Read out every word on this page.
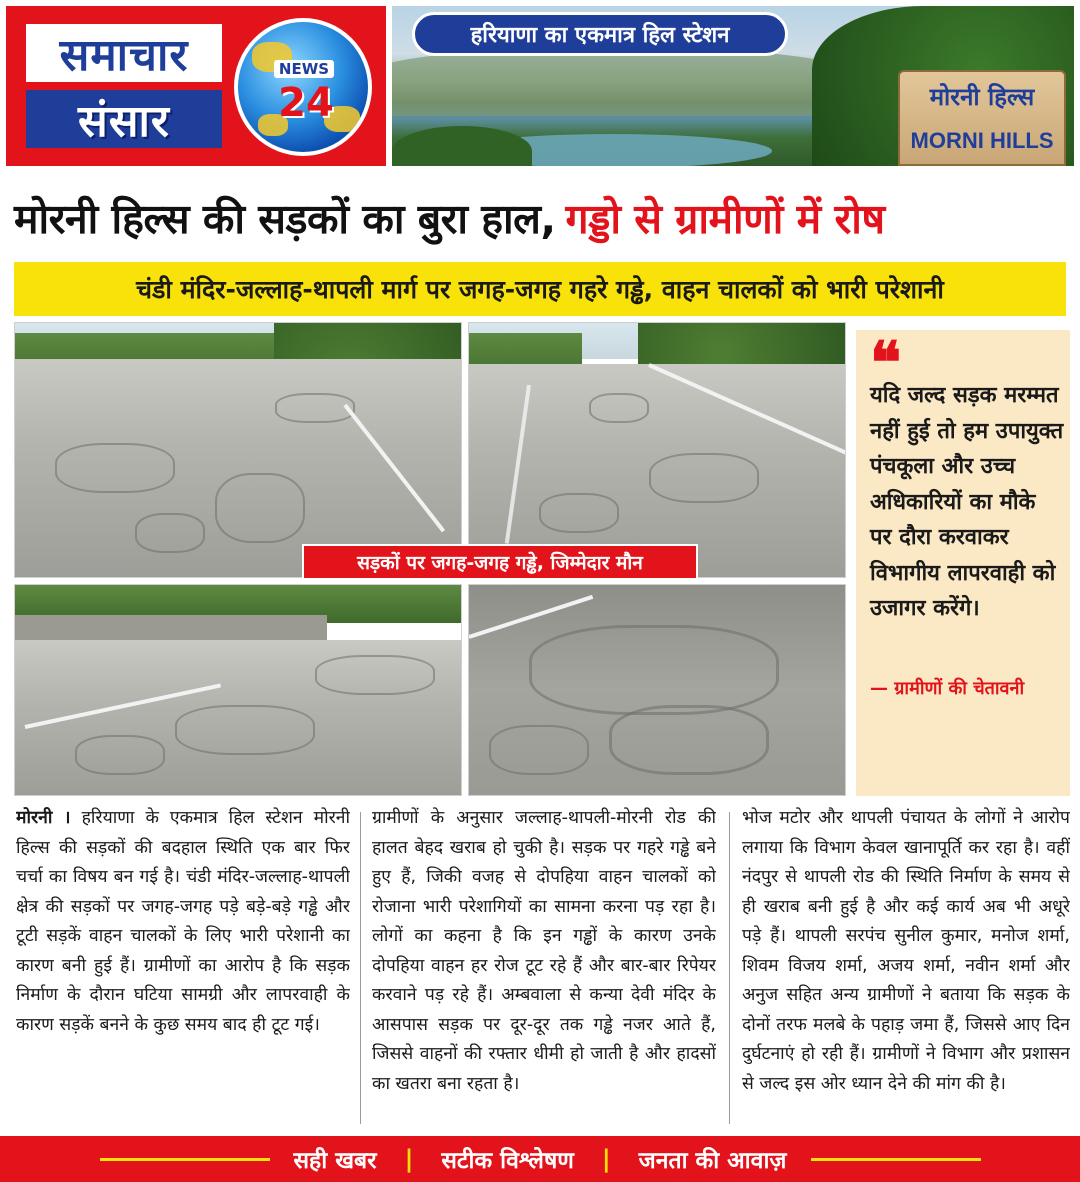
समाचार
संसार
NEWS
24
हरियाणा का एकमात्र हिल स्टेशन
मोरनी हिल्स
MORNI HILLS
मोरनी हिल्स की सड़कों का बुरा हाल, गड्डो से ग्रामीणों में रोष
चंडी मंदिर-जल्लाह-थापली मार्ग पर जगह-जगह गहरे गड्ढे, वाहन चालकों को भारी परेशानी
सड़कों पर जगह-जगह गड्ढे, जिम्मेदार मौन
❝
यदि जल्द सड़क मरम्मत नहीं हुई तो हम उपायुक्त पंचकूला और उच्च अधिकारियों का मौके पर दौरा करवाकर विभागीय लापरवाही को उजागर करेंगे।
— ग्रामीणों की चेतावनी
मोरनी । हरियाणा के एकमात्र हिल स्टेशन मोरनी हिल्स की सड़कों की बदहाल स्थिति एक बार फिर चर्चा का विषय बन गई है। चंडी मंदिर-जल्लाह-थापली क्षेत्र की सड़कों पर जगह-जगह पड़े बड़े-बड़े गड्ढे और टूटी सड़कें वाहन चालकों के लिए भारी परेशानी का कारण बनी हुई हैं। ग्रामीणों का आरोप है कि सड़क निर्माण के दौरान घटिया सामग्री और लापरवाही के कारण सड़कें बनने के कुछ समय बाद ही टूट गई।
ग्रामीणों के अनुसार जल्लाह-थापली-मोरनी रोड की हालत बेहद खराब हो चुकी है। सड़क पर गहरे गड्ढे बने हुए हैं, जिकी वजह से दोपहिया वाहन चालकों को रोजाना भारी परेशागियों का सामना करना पड़ रहा है। लोगों का कहना है कि इन गड्ढों के कारण उनके दोपहिया वाहन हर रोज टूट रहे हैं और बार-बार रिपेयर करवाने पड़ रहे हैं। अम्बवाला से कन्या देवी मंदिर के आसपास सड़क पर दूर-दूर तक गड्ढे नजर आते हैं, जिससे वाहनों की रफ्तार धीमी हो जाती है और हादसों का खतरा बना रहता है।
भोज मटोर और थापली पंचायत के लोगों ने आरोप लगाया कि विभाग केवल खानापूर्ति कर रहा है। वहीं नंदपुर से थापली रोड की स्थिति निर्माण के समय से ही खराब बनी हुई है और कई कार्य अब भी अधूरे पड़े हैं। थापली सरपंच सुनील कुमार, मनोज शर्मा, शिवम विजय शर्मा, अजय शर्मा, नवीन शर्मा और अनुज सहित अन्य ग्रामीणों ने बताया कि सड़क के दोनों तरफ मलबे के पहाड़ जमा हैं, जिससे आए दिन दुर्घटनाएं हो रही हैं। ग्रामीणों ने विभाग और प्रशासन से जल्द इस ओर ध्यान देने की मांग की है।
सही खबर | सटीक विश्लेषण | जनता की आवाज़
